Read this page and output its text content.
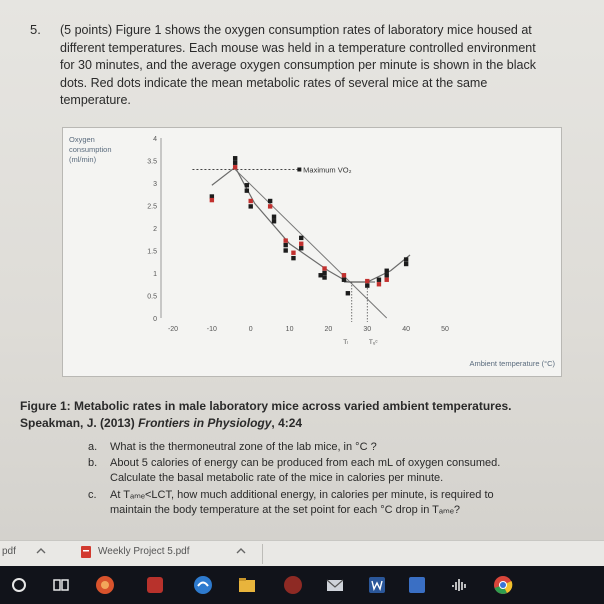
5. (5 points) Figure 1 shows the oxygen consumption rates of laboratory mice housed at
different temperatures. Each mouse was held in a temperature controlled environment
for 30 minutes, and the average oxygen consumption per minute is shown in the black
dots. Red dots indicate the mean metabolic rates of several mice at the same
temperature.

0
0.5
1
1.5
2
2.5
3
3.5
4
-20	-10	0	10	20	30	40	50
Oxygen
consumption
(ml/min)
Ambient temperature (°C)
Maximum VO₂
Tₗ	Tᵤᶜ
Figure 1: Metabolic rates in male laboratory mice across varied ambient temperatures.
Speakman, J. (2013) Frontiers in Physiology, 4:24
a. What is the thermoneutral zone of the lab mice, in °C ?
b. About 5 calories of energy can be produced from each mL of oxygen consumed.
Calculate the basal metabolic rate of the mice in calories per minute.
c. At Tₐₘₑ<LCT, how much additional energy, in calories per minute, is required to
maintain the body temperature at the set point for each °C drop in Tₐₘₑ?
pdf	Weekly Project 5.pdf
